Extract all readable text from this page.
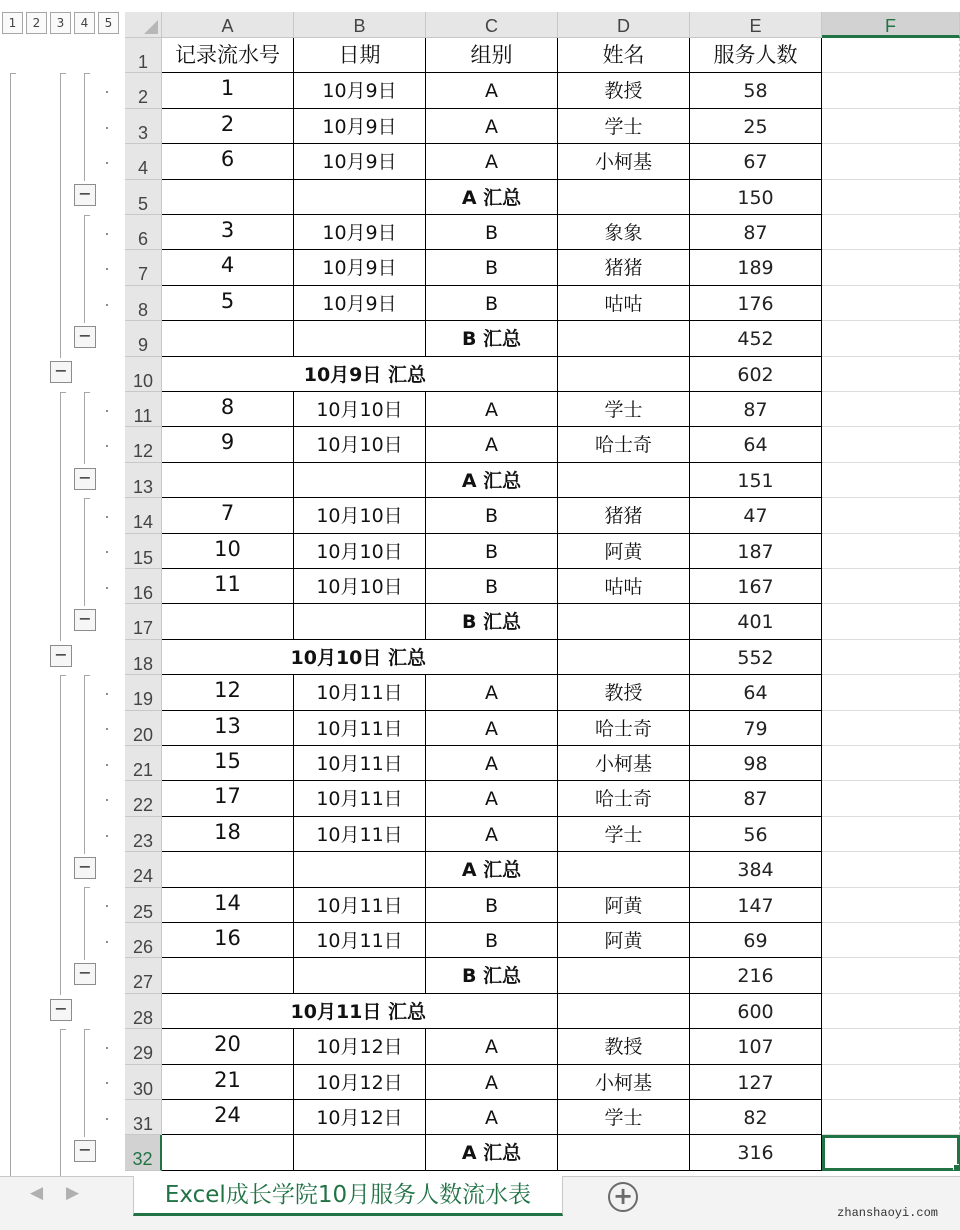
1	2	3	4	5
−
−
−
−
−
−
−
−
−
−
A	B	C	D	E	F
1
2
3
4
5
6
7
8
9
10
11
12
13
14
15
16
17
18
19
20
21
22
23
24
25
26
27
28
29
30
31
32
记录流水号	日期	组别	姓名	服务人数
1	10月9日	A	教授	58
2	10月9日	A	学士	25
6	10月9日	A	小柯基	67
A 汇总	150
3	10月9日	B	象象	87
4	10月9日	B	猪猪	189
5	10月9日	B	咕咕	176
B 汇总	452
10月9日 汇总	602
8	10月10日	A	学士	87
9	10月10日	A	哈士奇	64
A 汇总	151
7	10月10日	B	猪猪	47
10	10月10日	B	阿黄	187
11	10月10日	B	咕咕	167
B 汇总	401
10月10日 汇总	552
12	10月11日	A	教授	64
13	10月11日	A	哈士奇	79
15	10月11日	A	小柯基	98
17	10月11日	A	哈士奇	87
18	10月11日	A	学士	56
A 汇总	384
14	10月11日	B	阿黄	147
16	10月11日	B	阿黄	69
B 汇总	216
10月11日 汇总	600
20	10月12日	A	教授	107
21	10月12日	A	小柯基	127
24	10月12日	A	学士	82
A 汇总	316
◀ ▶	Excel成长学院10月服务人数流水表	+
zhanshaoyi.com
